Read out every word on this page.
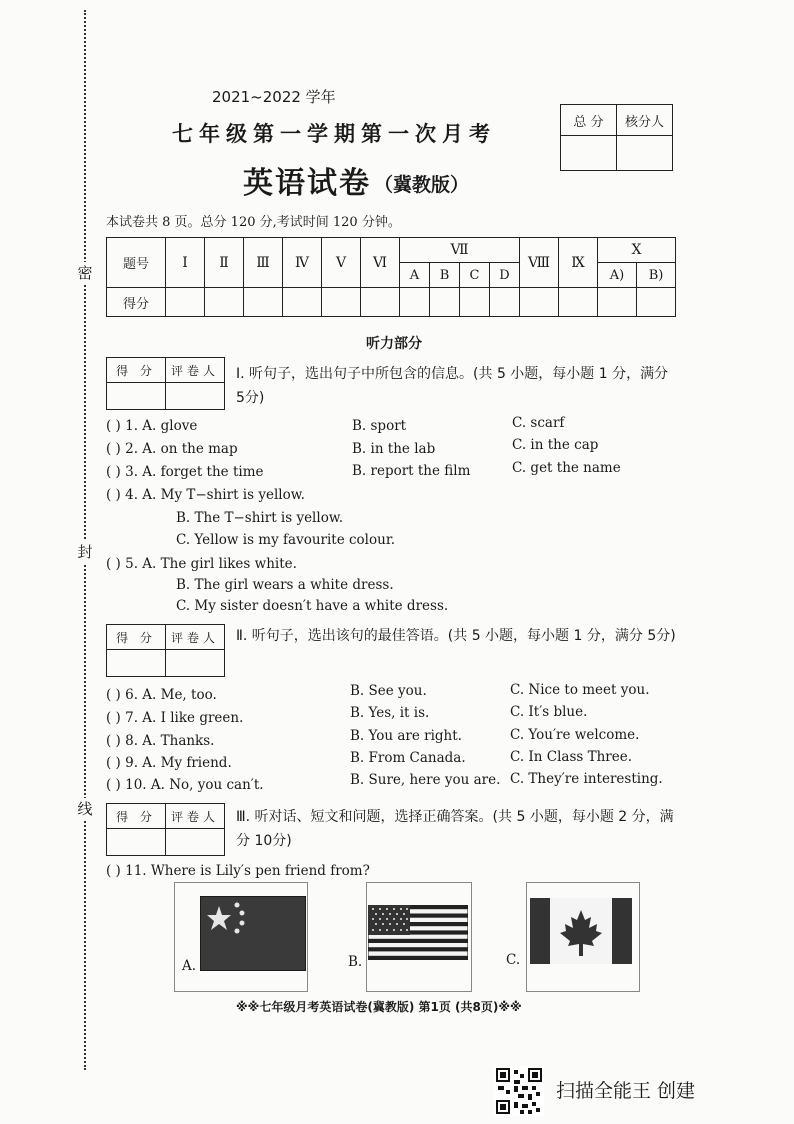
密
封
线
2021~2022 学年
七年级第一学期第一次月考
英语试卷 （冀教版）
本试卷共 8 页。总分 120 分,考试时间 120 分钟。
总 分	核分人

题号	Ⅰ	Ⅱ	Ⅲ	Ⅳ	Ⅴ	Ⅵ	Ⅶ				Ⅷ	Ⅸ	X	
							A	B	C	D			A)	B)
得分														
听力部分
得 分	评卷人
	Ⅰ. 听句子，选出句子中所包含的信息。(共 5 小题，每小题 1 分，满分 5分)
( ) 1. A. glove	B. sport	C. scarf
( ) 2. A. on the map	B. in the lab	C. in the cap
( ) 3. A. forget the time	B. report the film	C. get the name
( ) 4. A. My T−shirt is yellow.
B. The T−shirt is yellow.
C. Yellow is my favourite colour.
( ) 5. A. The girl likes white.
B. The girl wears a white dress.
C. My sister doesn′t have a white dress.
得 分	评卷人
	Ⅱ. 听句子，选出该句的最佳答语。(共 5 小题，每小题 1 分，满分 5分)
( ) 6. A. Me, too.	B. See you.	C. Nice to meet you.
( ) 7. A. I like green.	B. Yes, it is.	C. It′s blue.
( ) 8. A. Thanks.	B. You are right.	C. You′re welcome.
( ) 9. A. My friend.	B. From Canada.	C. In Class Three.
( ) 10. A. No, you can′t.	B. Sure, here you are. C. They′re interesting.
得 分	评卷人
	Ⅲ. 听对话、短文和问题，选择正确答案。(共 5 小题，每小题 2 分，满分 10分)
( ) 11. Where is Lily′s pen friend from?
A.	B.	C.
※※七年级月考英语试卷(冀教版) 第1页 (共8页)※※
扫描全能王 创建
